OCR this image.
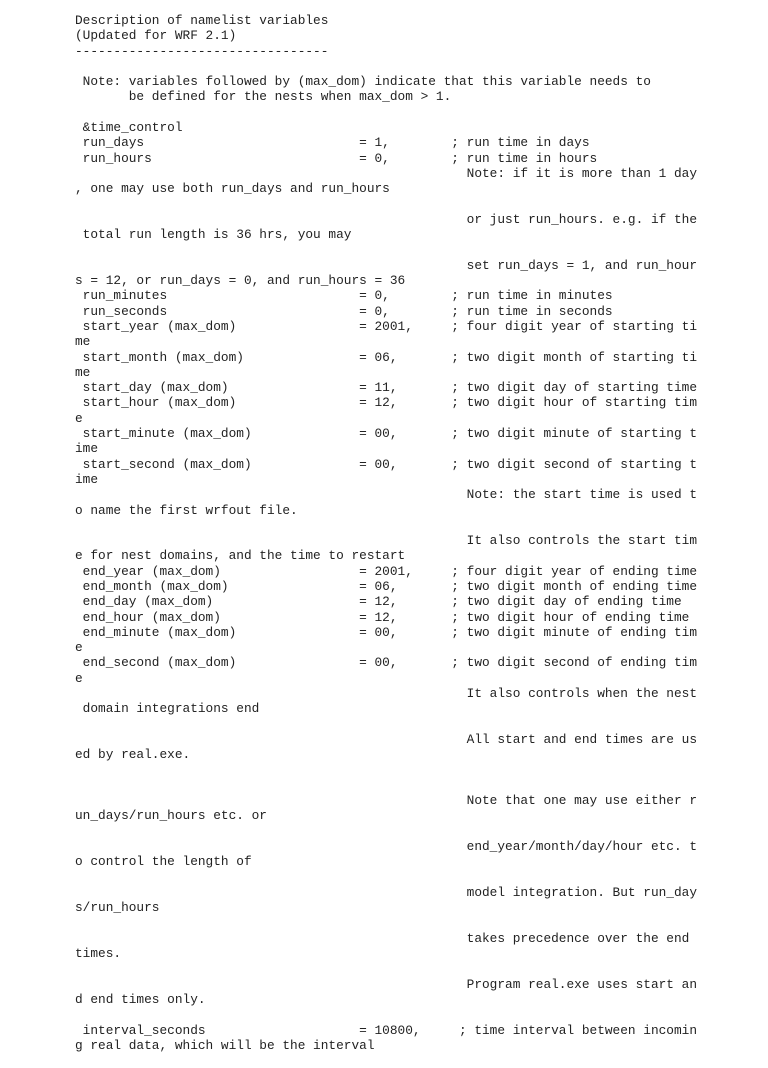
Description of namelist variables
(Updated for WRF 2.1)
---------------------------------
Note: variables followed by (max_dom) indicate that this variable needs to
be defined for the nests when max_dom > 1.
&time_control
run_days                            = 1,        ; run time in days
run_hours                           = 0,        ; run time in hours
Note: if it is more than 1 day
, one may use both run_days and run_hours
or just run_hours. e.g. if the
total run length is 36 hrs, you may
set run_days = 1, and run_hour
s = 12, or run_days = 0, and run_hours = 36
run_minutes                         = 0,        ; run time in minutes
run_seconds                         = 0,        ; run time in seconds
start_year (max_dom)                = 2001,     ; four digit year of starting ti
me
start_month (max_dom)               = 06,       ; two digit month of starting ti
me
start_day (max_dom)                 = 11,       ; two digit day of starting time
start_hour (max_dom)                = 12,       ; two digit hour of starting tim
e
start_minute (max_dom)              = 00,       ; two digit minute of starting t
ime
start_second (max_dom)              = 00,       ; two digit second of starting t
ime
Note: the start time is used t
o name the first wrfout file.
It also controls the start tim
e for nest domains, and the time to restart
end_year (max_dom)                  = 2001,     ; four digit year of ending time
end_month (max_dom)                 = 06,       ; two digit month of ending time
end_day (max_dom)                   = 12,       ; two digit day of ending time
end_hour (max_dom)                  = 12,       ; two digit hour of ending time
end_minute (max_dom)                = 00,       ; two digit minute of ending tim
e
end_second (max_dom)                = 00,       ; two digit second of ending tim
e
It also controls when the nest
domain integrations end
All start and end times are us
ed by real.exe.
Note that one may use either r
un_days/run_hours etc. or
end_year/month/day/hour etc. t
o control the length of
model integration. But run_day
s/run_hours
takes precedence over the end
times.
Program real.exe uses start an
d end times only.
interval_seconds                    = 10800,     ; time interval between incomin
g real data, which will be the interval
